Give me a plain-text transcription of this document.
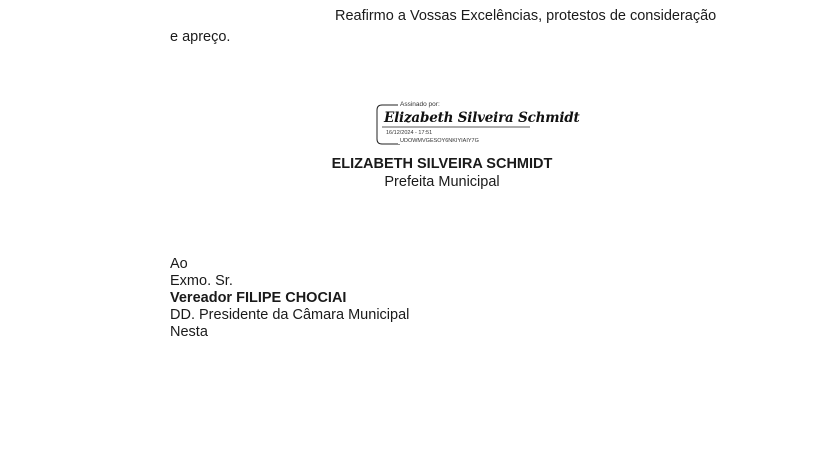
Reafirmo a Vossas Excelências, protestos de consideração
e apreço.
Assinado por:
Elizabeth Silveira Schmidt
16/12/2024 - 17:51
UDOWMVGESOY6NKIYIAIY7G
ELIZABETH SILVEIRA SCHMIDT
Prefeita Municipal
Ao
Exmo. Sr.
Vereador FILIPE CHOCIAI
DD. Presidente da Câmara Municipal
Nesta
